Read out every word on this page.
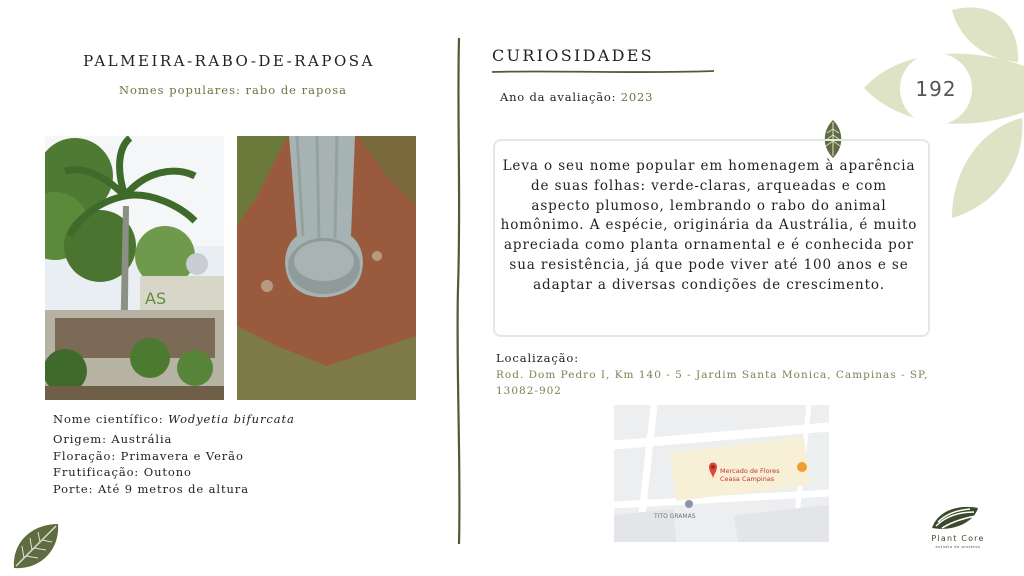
192
PALMEIRA-RABO-DE-RAPOSA
Nomes populares: rabo de raposa
AS
Nome científico: Wodyetia bifurcata
Origem: Austrália
Floração: Primavera e Verão
Frutificação: Outono
Porte: Até 9 metros de altura
CURIOSIDADES
Ano da avaliação: 2023
Leva o seu nome popular em homenagem à aparência de suas folhas: verde-claras, arqueadas e com aspecto plumoso, lembrando o rabo do animal homônimo. A espécie, originária da Austrália, é muito apreciada como planta ornamental e é conhecida por sua resistência, já que pode viver até 100 anos e se adaptar a diversas condições de crescimento.
Localização:
Rod. Dom Pedro I, Km 140 - 5 - Jardim Santa Monica, Campinas - SP, 13082-902
Mercado de Flores
Ceasa Campinas
TITO GRAMAS
Plant Core
estúdio de projetos
